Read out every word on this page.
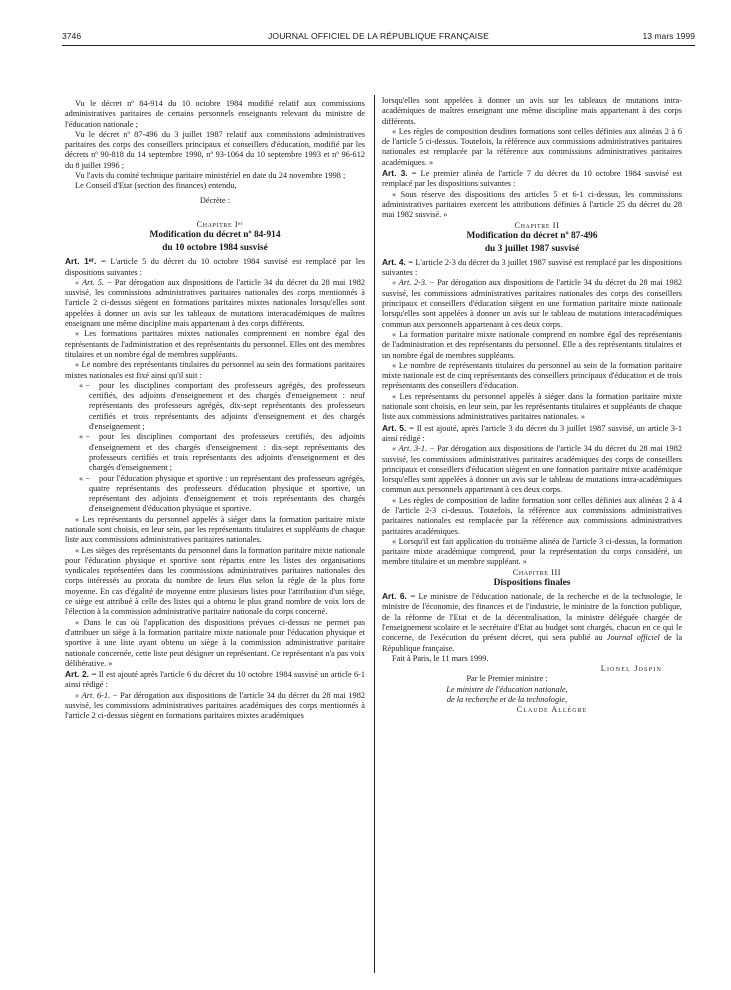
3746	JOURNAL OFFICIEL DE LA RÉPUBLIQUE FRANÇAISE	13 mars 1999

Vu le décret nº 84-914 du 10 octobre 1984 modifié relatif aux commissions administratives paritaires de certains personnels enseignants relevant du ministre de l'éducation nationale ;

Vu le décret nº 87-496 du 3 juillet 1987 relatif aux commissions administratives paritaires des corps des conseillers principaux et conseillers d'éducation, modifié par les décrets nº 90-818 du 14 septembre 1990, nº 93-1064 du 10 septembre 1993 et nº 96-612 du 8 juillet 1996 ;

Vu l'avis du comité technique paritaire ministériel en date du 24 novembre 1998 ;

Le Conseil d'Etat (section des finances) entendu,

Décrète :

Chapitre Iᵉʳ

Modification du décret nº 84-914
du 10 octobre 1984 susvisé

Art. 1ᵉʳ. − L'article 5 du décret du 10 octobre 1984 susvisé est remplacé par les dispositions suivantes :

« Art. 5. − Par dérogation aux dispositions de l'article 34 du décret du 28 mai 1982 susvisé, les commissions administratives paritaires nationales des corps mentionnés à l'article 2 ci-dessus siègent en formations paritaires mixtes nationales lorsqu'elles sont appelées à donner un avis sur les tableaux de mutations interacadémiques de maîtres enseignant une même discipline mais appartenant à des corps différents.

« Les formations paritaires mixtes nationales comprennent en nombre égal des représentants de l'administration et des représentants du personnel. Elles ont des membres titulaires et un nombre égal de membres suppléants.

« Le nombre des représentants titulaires du personnel au sein des formations paritaires mixtes nationales est fixé ainsi qu'il suit :

« − pour les disciplines comportant des professeurs agrégés, des professeurs certifiés, des adjoints d'enseignement et des chargés d'enseignement : neuf représentants des professeurs agrégés, dix-sept représentants des professeurs certifiés et trois représentants des adjoints d'enseignement et des chargés d'enseignement ;

« − pour les disciplines comportant des professeurs certifiés, des adjoints d'enseignement et des chargés d'enseignement : dix-sept représentants des professeurs certifiés et trois représentants des adjoints d'enseignement et des chargés d'enseignement ;

« − pour l'éducation physique et sportive : un représentant des professeurs agrégés, quatre représentants des professeurs d'éducation physique et sportive, un représentant des adjoints d'enseignement et trois représentants des chargés d'enseignement d'éducation physique et sportive.

« Les représentants du personnel appelés à siéger dans la formation paritaire mixte nationale sont choisis, en leur sein, par les représentants titulaires et suppléants de chaque liste aux commissions administratives paritaires nationales.

« Les sièges des représentants du personnel dans la formation paritaire mixte nationale pour l'éducation physique et sportive sont répartis entre les listes des organisations syndicales représentées dans les commissions administratives paritaires nationales des corps intéressés au prorata du nombre de leurs élus selon la règle de la plus forte moyenne. En cas d'égalité de moyenne entre plusieurs listes pour l'attribution d'un siège, ce siège est attribué à celle des listes qui a obtenu le plus grand nombre de voix lors de l'élection à la commission administrative paritaire nationale du corps concerné.

« Dans le cas où l'application des dispositions prévues ci-dessus ne permet pas d'attribuer un siège à la formation paritaire mixte nationale pour l'éducation physique et sportive à une liste ayant obtenu un siège à la commission administrative paritaire nationale concernée, cette liste peut désigner un représentant. Ce représentant n'a pas voix délibérative. »

Art. 2. − Il est ajouté après l'article 6 du décret du 10 octobre 1984 susvisé un article 6-1 ainsi rédigé :

« Art. 6-1. − Par dérogation aux dispositions de l'article 34 du décret du 28 mai 1982 susvisé, les commissions administratives paritaires académiques des corps mentionnés à l'article 2 ci-dessus siègent en formations paritaires mixtes académiques

lorsqu'elles sont appelées à donner un avis sur les tableaux de mutations intra-académiques de maîtres enseignant une même discipline mais appartenant à des corps différents.

« Les règles de composition desdites formations sont celles définies aux alinéas 2 à 6 de l'article 5 ci-dessus. Toutefois, la référence aux commissions administratives paritaires nationales est remplacée par la référence aux commissions administratives paritaires académiques. »

Art. 3. − Le premier alinéa de l'article 7 du décret du 10 octobre 1984 susvisé est remplacé par les dispositions suivantes :

« Sous réserve des dispositions des articles 5 et 6-1 ci-dessus, les commissions administratives paritaires exercent les attributions définies à l'article 25 du décret du 28 mai 1982 susvisé. »

Chapitre II

Modification du décret nº 87-496
du 3 juillet 1987 susvisé

Art. 4. − L'article 2-3 du décret du 3 juillet 1987 susvisé est remplacé par les dispositions suivantes :

« Art. 2-3. − Par dérogation aux dispositions de l'article 34 du décret du 28 mai 1982 susvisé, les commissions administratives paritaires nationales des corps des conseillers principaux et conseillers d'éducation siègent en une formation paritaire mixte nationale lorsqu'elles sont appelées à donner un avis sur le tableau de mutations interacadémiques commun aux personnels appartenant à ces deux corps.

« La formation paritaire mixte nationale comprend en nombre égal des représentants de l'administration et des représentants du personnel. Elle a des représentants titulaires et un nombre égal de membres suppléants.

« Le nombre de représentants titulaires du personnel au sein de la formation paritaire mixte nationale est de cinq représentants des conseillers principaux d'éducation et de trois représentants des conseillers d'éducation.

« Les représentants du personnel appelés à siéger dans la formation paritaire mixte nationale sont choisis, en leur sein, par les représentants titulaires et suppléants de chaque liste aux commissions administratives paritaires nationales. »

Art. 5. − Il est ajouté, après l'article 3 du décret du 3 juillet 1987 susvisé, un article 3-1 ainsi rédigé :

« Art. 3-1. − Par dérogation aux dispositions de l'article 34 du décret du 28 mai 1982 susvisé, les commissions administratives paritaires académiques des corps de conseillers principaux et conseillers d'éducation siègent en une formation paritaire mixte académique lorsqu'elles sont appelées à donner un avis sur le tableau de mutations intra-académiques commun aux personnels appartenant à ces deux corps.

« Les règles de composition de ladite formation sont celles définies aux alinéas 2 à 4 de l'article 2-3 ci-dessus. Toutefois, la référence aux commissions administratives paritaires nationales est remplacée par la référence aux commissions administratives paritaires académiques.

« Lorsqu'il est fait application du troisième alinéa de l'article 3 ci-dessus, la formation paritaire mixte académique comprend, pour la représentation du corps considéré, un membre titulaire et un membre suppléant. »

Chapitre III

Dispositions finales

Art. 6. − Le ministre de l'éducation nationale, de la recherche et de la technologie, le ministre de l'économie, des finances et de l'industrie, le ministre de la fonction publique, de la réforme de l'Etat et de la décentralisation, la ministre déléguée chargée de l'enseignement scolaire et le secrétaire d'Etat au budget sont chargés, chacun en ce qui le concerne, de l'exécution du présent décret, qui sera publié au Journal officiel de la République française.

Fait à Paris, le 11 mars 1999.

Lionel Jospin

Par le Premier ministre :

Le ministre de l'éducation nationale,

de la recherche et de la technologie,

Claude Allègre
